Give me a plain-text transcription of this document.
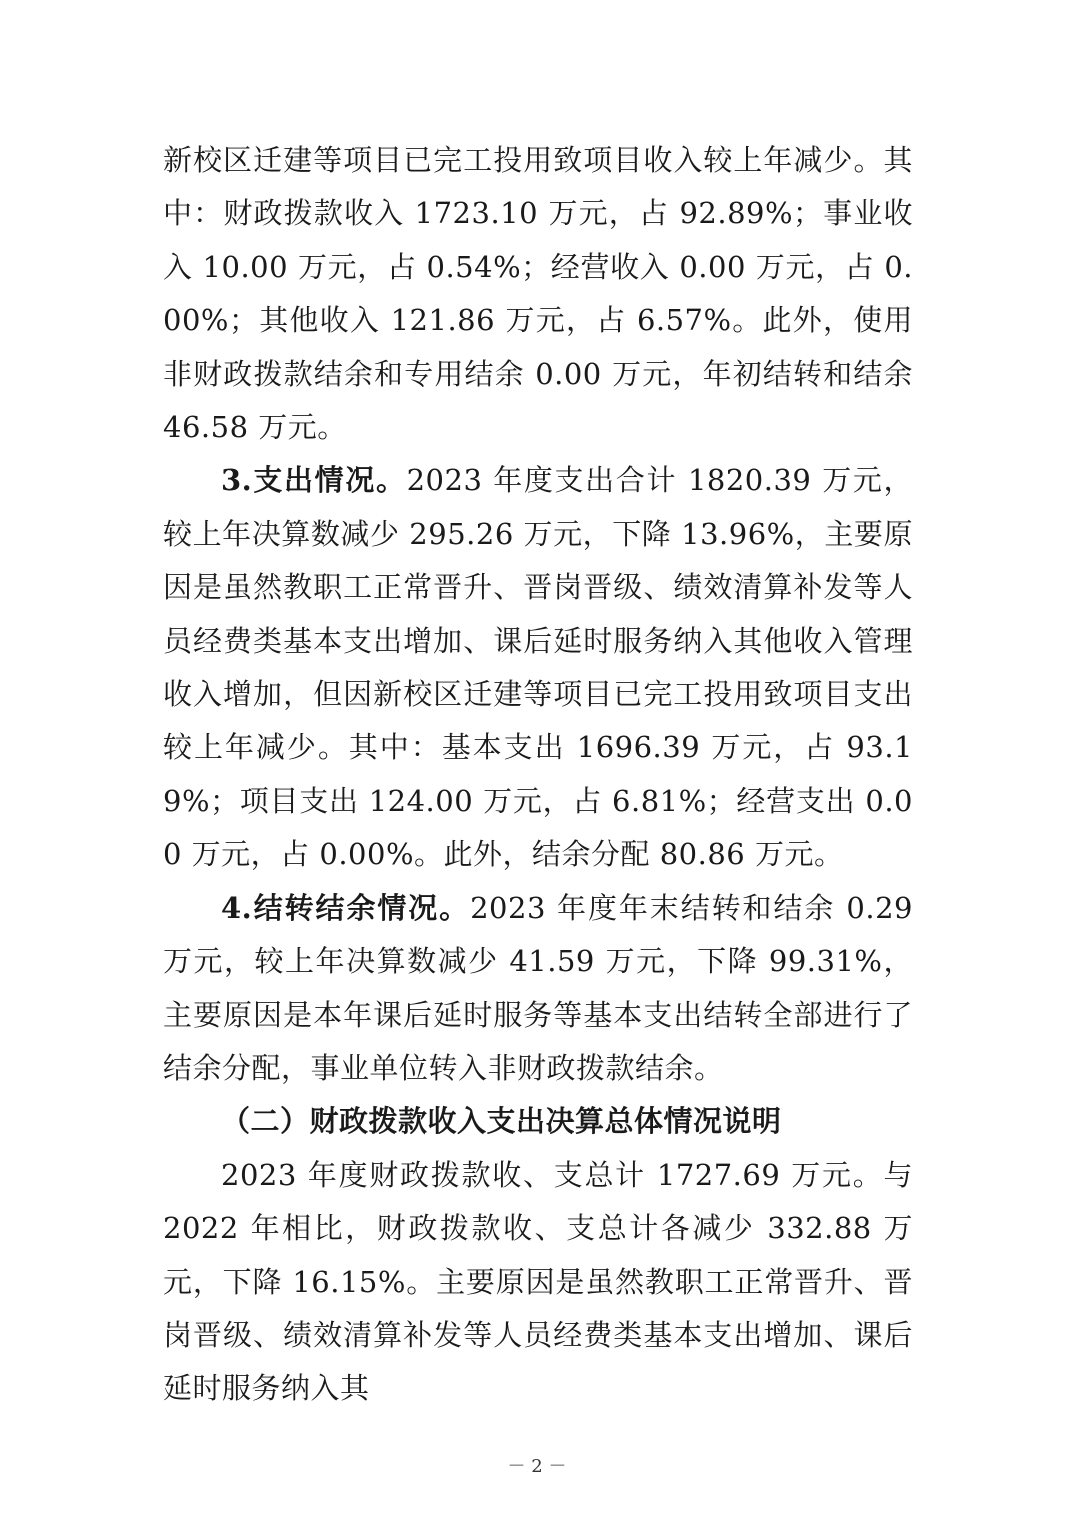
新校区迁建等项目已完工投用致项目收入较上年减少。其中：财政拨款收入 1723.10 万元，占 92.89%；事业收入 10.00 万元，占 0.54%；经营收入 0.00 万元，占 0.00%；其他收入 121.86 万元，占 6.57%。此外，使用非财政拨款结余和专用结余 0.00 万元，年初结转和结余 46.58 万元。

3.支出情况。2023 年度支出合计 1820.39 万元，较上年决算数减少 295.26 万元，下降 13.96%，主要原因是虽然教职工正常晋升、晋岗晋级、绩效清算补发等人员经费类基本支出增加、课后延时服务纳入其他收入管理收入增加，但因新校区迁建等项目已完工投用致项目支出较上年减少。其中：基本支出 1696.39 万元，占 93.19%；项目支出 124.00 万元，占 6.81%；经营支出 0.00 万元，占 0.00%。此外，结余分配 80.86 万元。

4.结转结余情况。2023 年度年末结转和结余 0.29 万元，较上年决算数减少 41.59 万元，下降 99.31%，主要原因是本年课后延时服务等基本支出结转全部进行了结余分配，事业单位转入非财政拨款结余。

（二）财政拨款收入支出决算总体情况说明

2023 年度财政拨款收、支总计 1727.69 万元。与 2022 年相比，财政拨款收、支总计各减少 332.88 万元，下降 16.15%。主要原因是虽然教职工正常晋升、晋岗晋级、绩效清算补发等人员经费类基本支出增加、课后延时服务纳入其

－ 2 －
